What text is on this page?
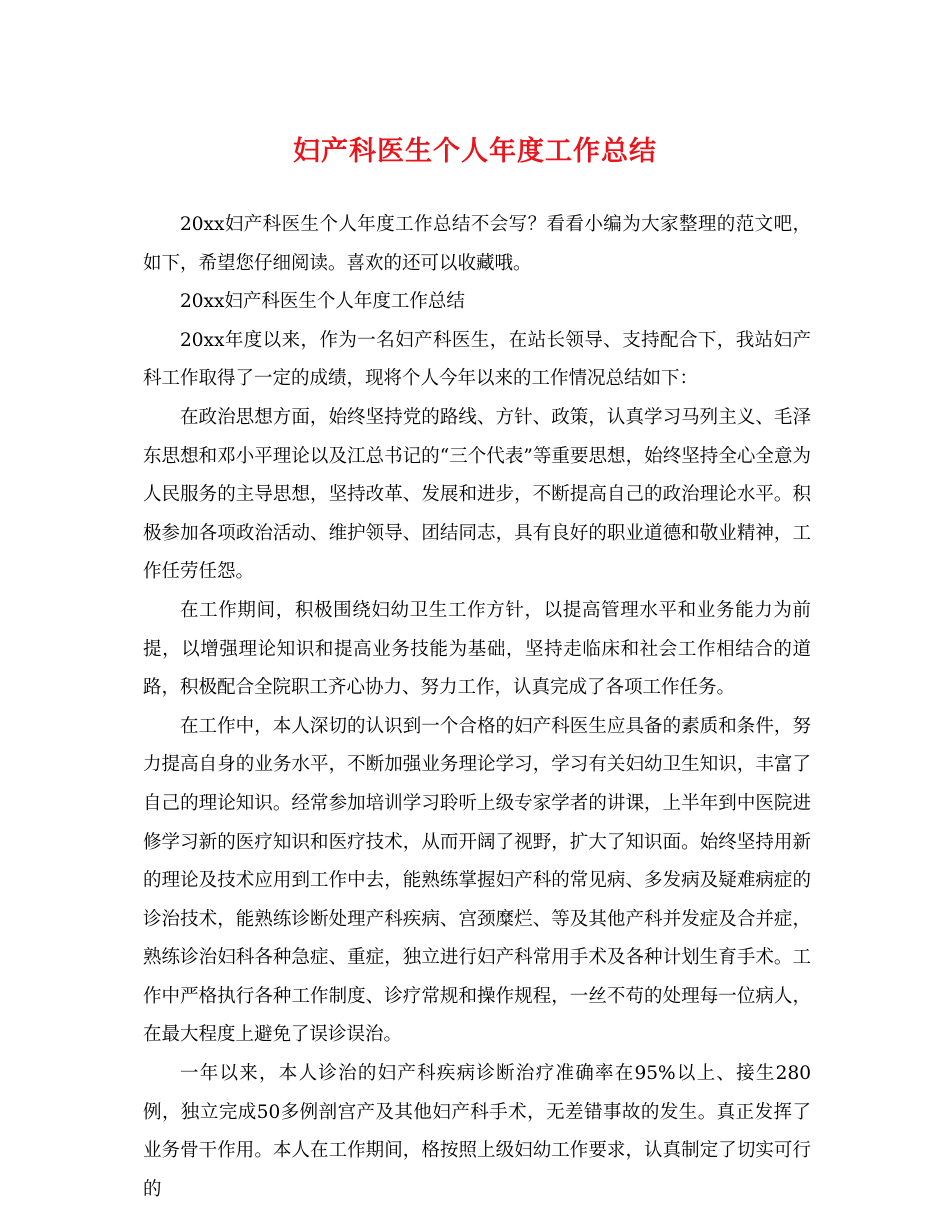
妇产科医生个人年度工作总结

20xx妇产科医生个人年度工作总结不会写？看看小编为大家整理的范文吧，如下，希望您仔细阅读。喜欢的还可以收藏哦。

20xx妇产科医生个人年度工作总结

20xx年度以来，作为一名妇产科医生，在站长领导、支持配合下，我站妇产科工作取得了一定的成绩，现将个人今年以来的工作情况总结如下：

在政治思想方面，始终坚持党的路线、方针、政策，认真学习马列主义、毛泽东思想和邓小平理论以及江总书记的“三个代表”等重要思想，始终坚持全心全意为人民服务的主导思想，坚持改革、发展和进步，不断提高自己的政治理论水平。积极参加各项政治活动、维护领导、团结同志，具有良好的职业道德和敬业精神，工作任劳任怨。

在工作期间，积极围绕妇幼卫生工作方针，以提高管理水平和业务能力为前提，以增强理论知识和提高业务技能为基础，坚持走临床和社会工作相结合的道路，积极配合全院职工齐心协力、努力工作，认真完成了各项工作任务。

在工作中，本人深切的认识到一个合格的妇产科医生应具备的素质和条件，努力提高自身的业务水平，不断加强业务理论学习，学习有关妇幼卫生知识，丰富了自己的理论知识。经常参加培训学习聆听上级专家学者的讲课，上半年到中医院进修学习新的医疗知识和医疗技术，从而开阔了视野，扩大了知识面。始终坚持用新的理论及技术应用到工作中去，能熟练掌握妇产科的常见病、多发病及疑难病症的诊治技术，能熟练诊断处理产科疾病、宫颈糜烂、等及其他产科并发症及合并症，熟练诊治妇科各种急症、重症，独立进行妇产科常用手术及各种计划生育手术。工作中严格执行各种工作制度、诊疗常规和操作规程，一丝不苟的处理每一位病人，在最大程度上避免了误诊误治。

一年以来，本人诊治的妇产科疾病诊断治疗准确率在95%以上、接生280例，独立完成50多例剖宫产及其他妇产科手术，无差错事故的发生。真正发挥了业务骨干作用。本人在工作期间，格按照上级妇幼工作要求，认真制定了切实可行的
